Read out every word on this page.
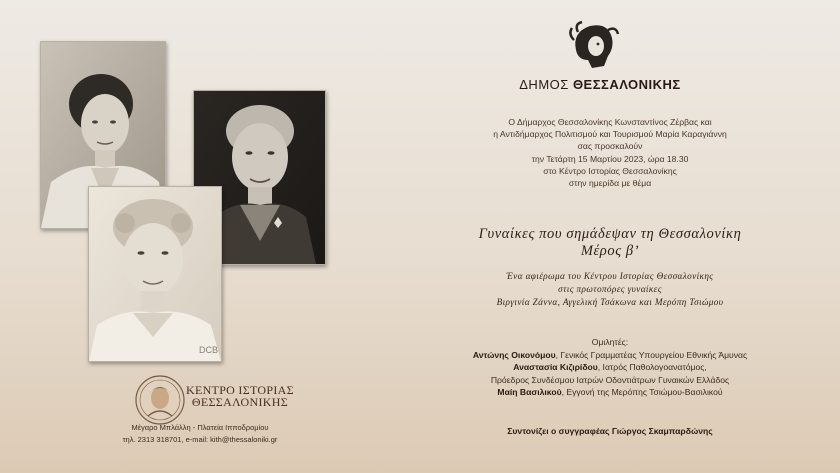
DCB
ΚΕΝΤΡΟ ΙΣΤΟΡΙΑΣ
ΘΕΣΣΑΛΟΝΙΚΗΣ
Μέγαρο Μπλάλλη - Πλατεία Ιπποδρομίου
τηλ. 2313 318701, e-mail: kith@thessaloniki.gr
ΔΗΜΟΣ ΘΕΣΣΑΛΟΝΙΚΗΣ
Ο Δήμαρχος Θεσσαλονίκης Κωνσταντίνος Ζέρβας και
η Αντιδήμαρχος Πολιτισμού και Τουρισμού Μαρία Καραγιάννη
σας προσκαλούν
την Τετάρτη 15 Μαρτίου 2023, ώρα 18.30
στο Κέντρο Ιστορίας Θεσσαλονίκης
στην ημερίδα με θέμα
Γυναίκες που σημάδεψαν τη Θεσσαλονίκη
Μέρος β’
Ένα αφιέρωμα του Κέντρου Ιστορίας Θεσσαλονίκης
στις πρωτοπόρες γυναίκες
Βιργινία Ζάννα, Αγγελική Τσάκωνα και Μερόπη Τσιώμου
Ομιλητές:
Αντώνης Οικονόμου, Γενικός Γραμματέας Υπουργείου Εθνικής Άμυνας
Αναστασία Κιζιρίδου, Ιατρός Παθολογοανατόμος,
Πρόεδρος Συνδέσμου Ιατρών Οδοντιάτρων Γυναικών Ελλάδος
Μαίη Βασιλικού, Εγγονή της Μερόπης Τσιώμου-Βασιλικού
Συντονίζει ο συγγραφέας Γιώργος Σκαμπαρδώνης
